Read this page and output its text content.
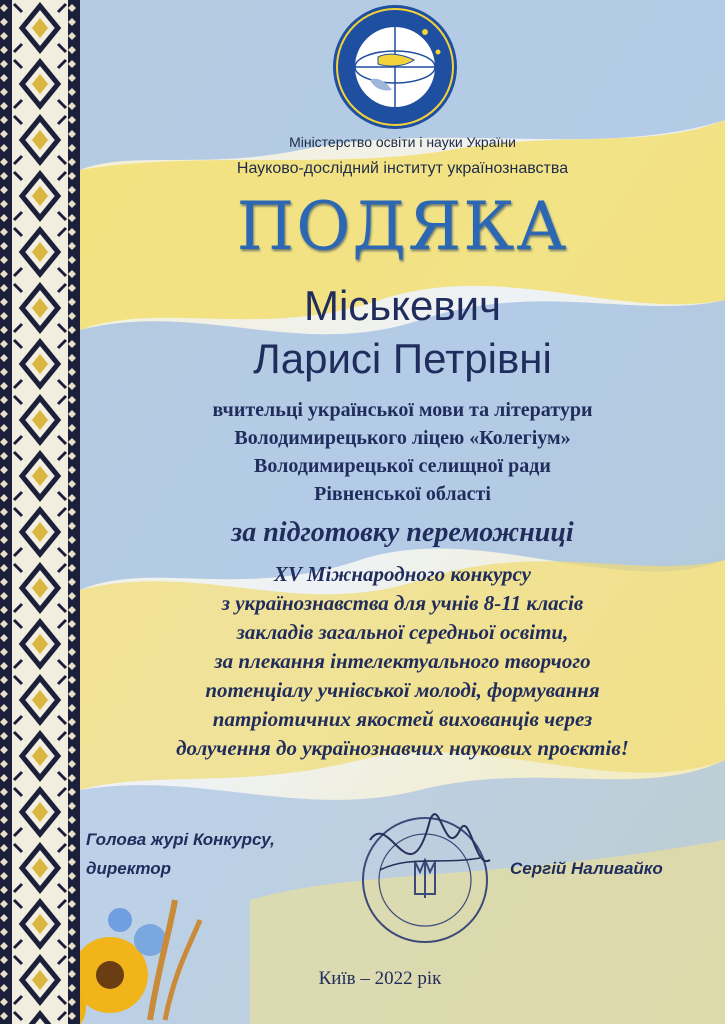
Міністерство освіти і науки України
Науково-дослідний інститут українознавства
ПОДЯКА
Міськевич
Ларисі Петрівні
вчительці української мови та літератури
Володимирецького ліцею «Колегіум»
Володимирецької селищної ради
Рівненської області
за підготовку переможниці
XV Міжнародного конкурсу
з українознавства для учнів 8-11 класів
закладів загальної середньої освіти,
за плекання інтелектуального творчого
потенціалу учнівської молоді, формування
патріотичних якостей вихованців через
долучення до українознавчих наукових проєктів!
Голова журі Конкурсу,
директор	Сергій Наливайко
Київ – 2022 рік
